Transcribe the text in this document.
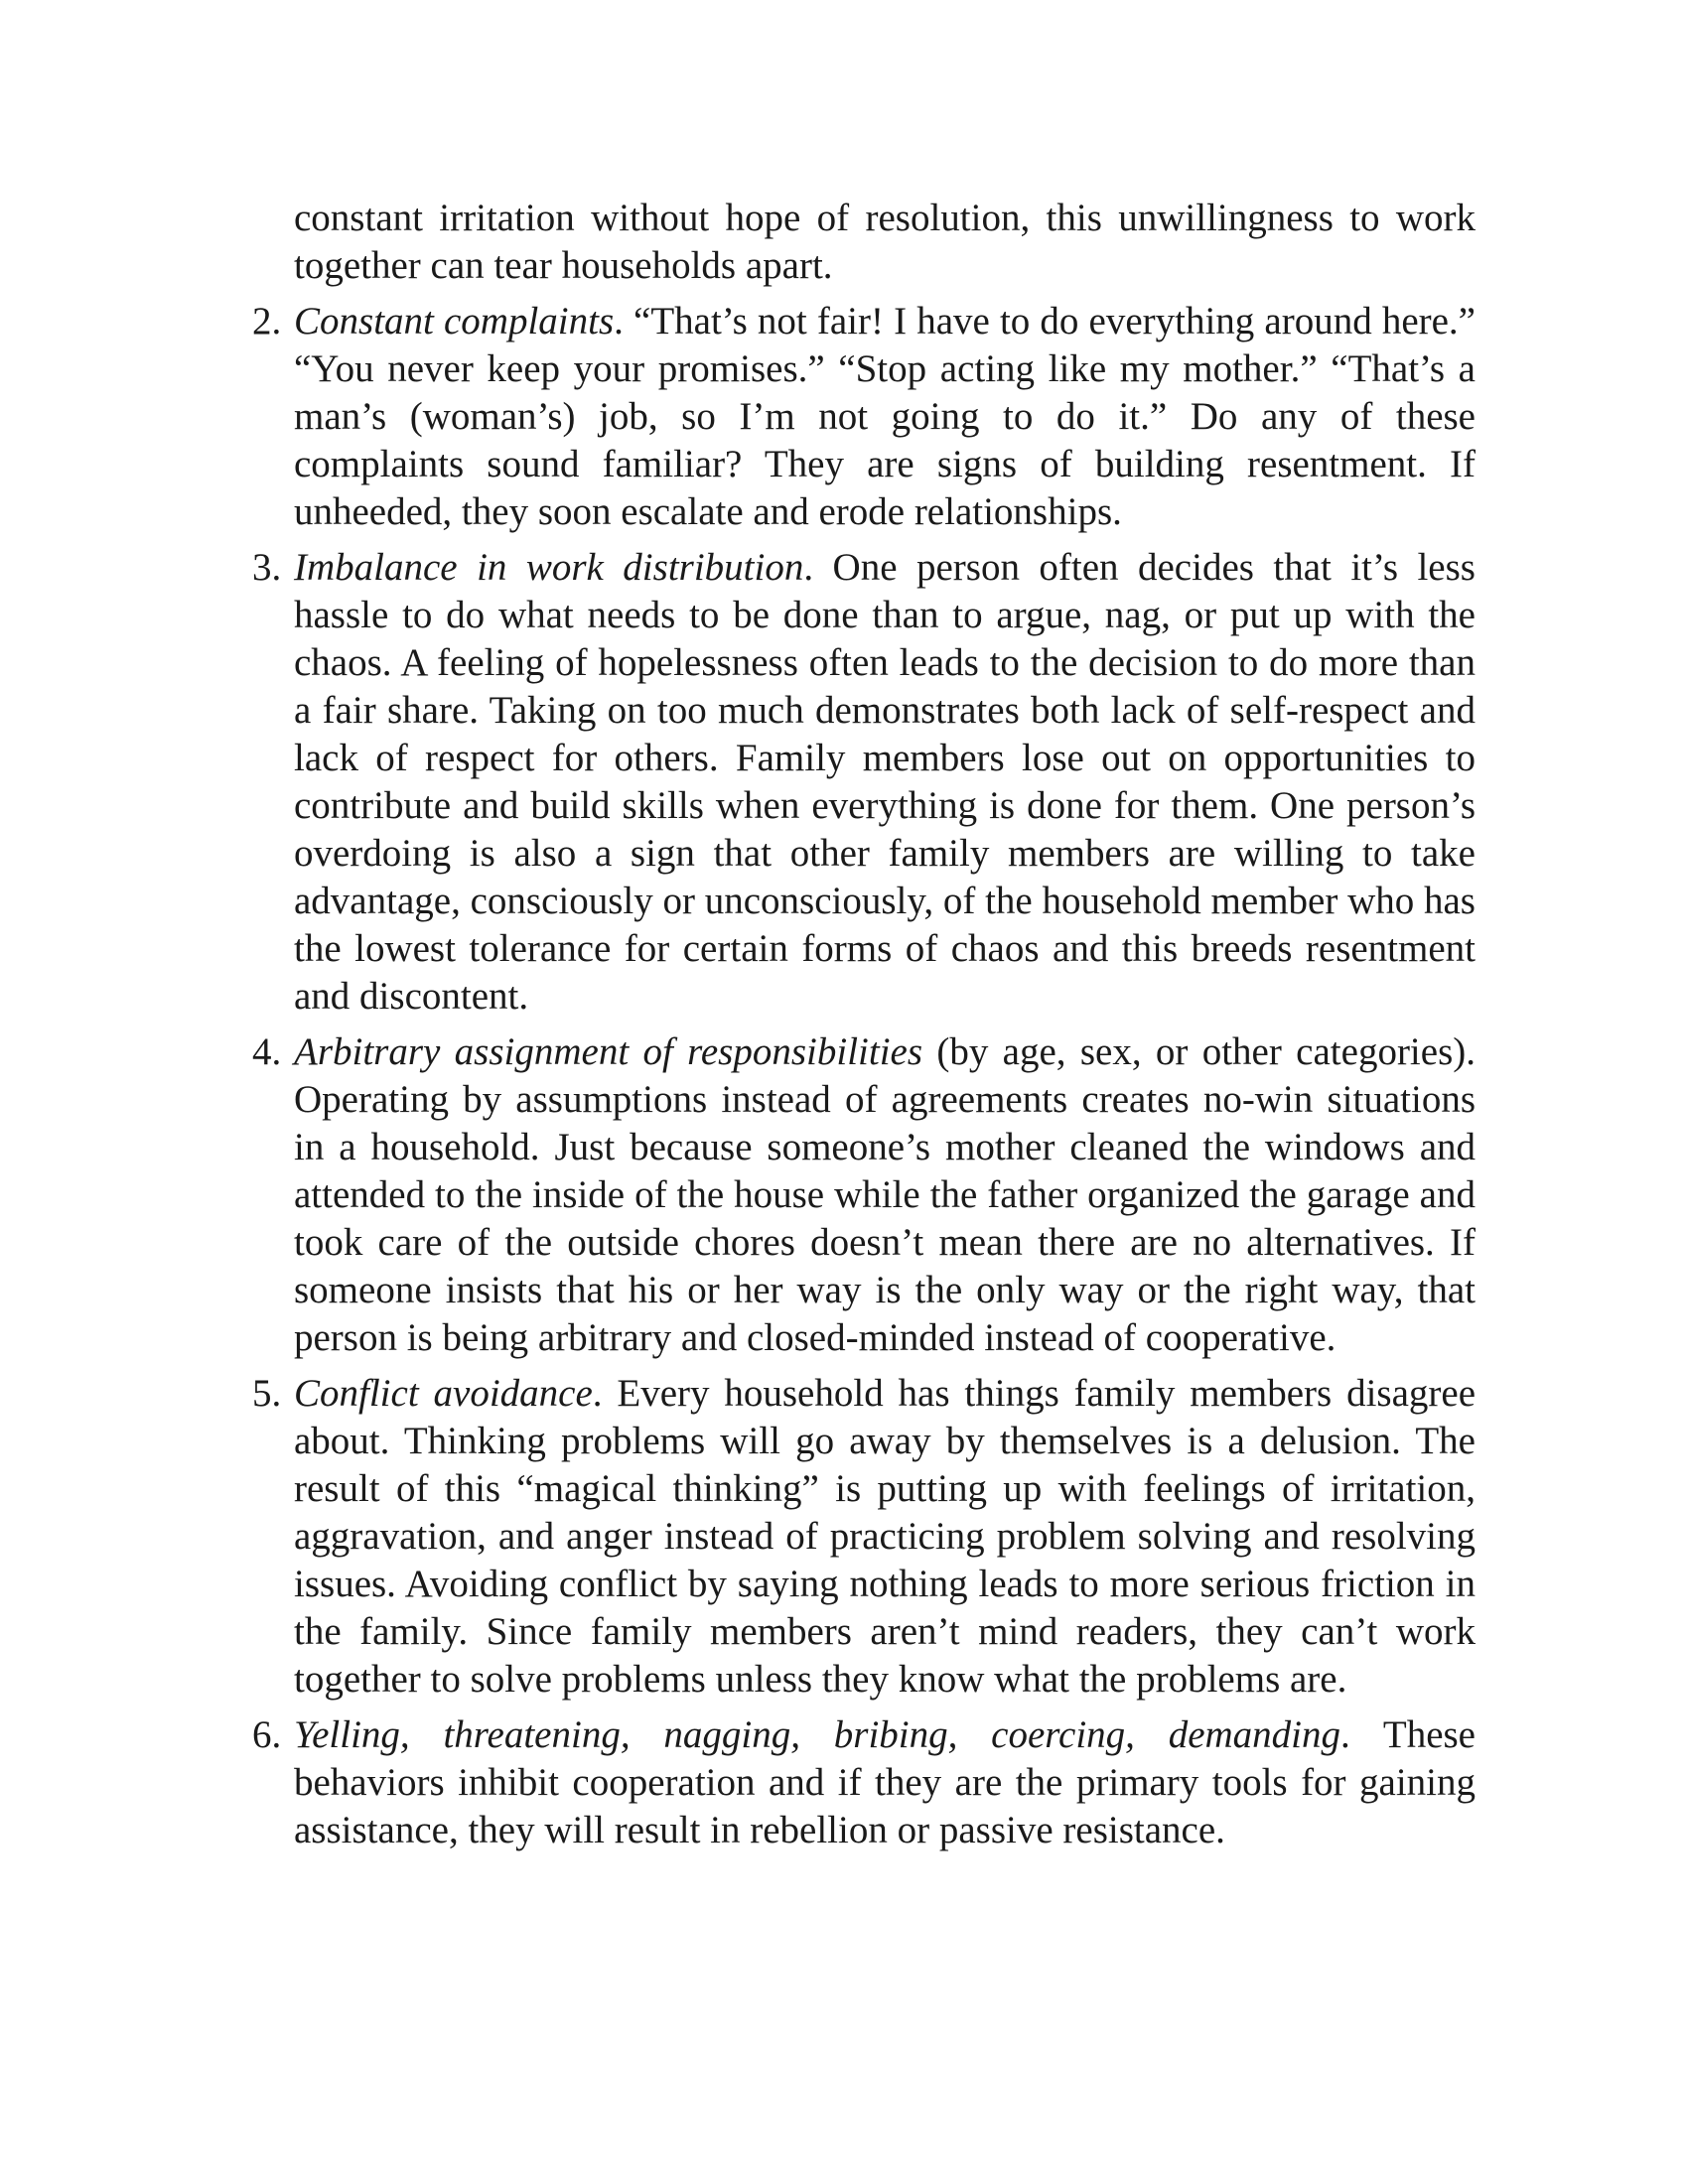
constant irritation without hope of resolution, this unwillingness to work together can tear households apart.

2. Constant complaints. “That’s not fair! I have to do everything around here.” “You never keep your promises.” “Stop acting like my mother.” “That’s a man’s (woman’s) job, so I’m not going to do it.” Do any of these complaints sound familiar? They are signs of building resentment. If unheeded, they soon escalate and erode relationships.
3. Imbalance in work distribution. One person often decides that it’s less hassle to do what needs to be done than to argue, nag, or put up with the chaos. A feeling of hopelessness often leads to the decision to do more than a fair share. Taking on too much demonstrates both lack of self-respect and lack of respect for others. Family members lose out on opportunities to contribute and build skills when everything is done for them. One person’s overdoing is also a sign that other family members are willing to take advantage, consciously or unconsciously, of the household member who has the lowest tolerance for certain forms of chaos and this breeds resentment and discontent.
4. Arbitrary assignment of responsibilities (by age, sex, or other categories). Operating by assumptions instead of agreements creates no-win situations in a household. Just because someone’s mother cleaned the windows and attended to the inside of the house while the father organized the garage and took care of the outside chores doesn’t mean there are no alternatives. If someone insists that his or her way is the only way or the right way, that person is being arbitrary and closed-minded instead of cooperative.
5. Conflict avoidance. Every household has things family members disagree about. Thinking problems will go away by themselves is a delusion. The result of this “magical thinking” is putting up with feelings of irritation, aggravation, and anger instead of practicing problem solving and resolving issues. Avoiding conflict by saying nothing leads to more serious friction in the family. Since family members aren’t mind readers, they can’t work together to solve problems unless they know what the problems are.
6. Yelling, threatening, nagging, bribing, coercing, demanding. These behaviors inhibit cooperation and if they are the primary tools for gaining assistance, they will result in rebellion or passive resistance.
